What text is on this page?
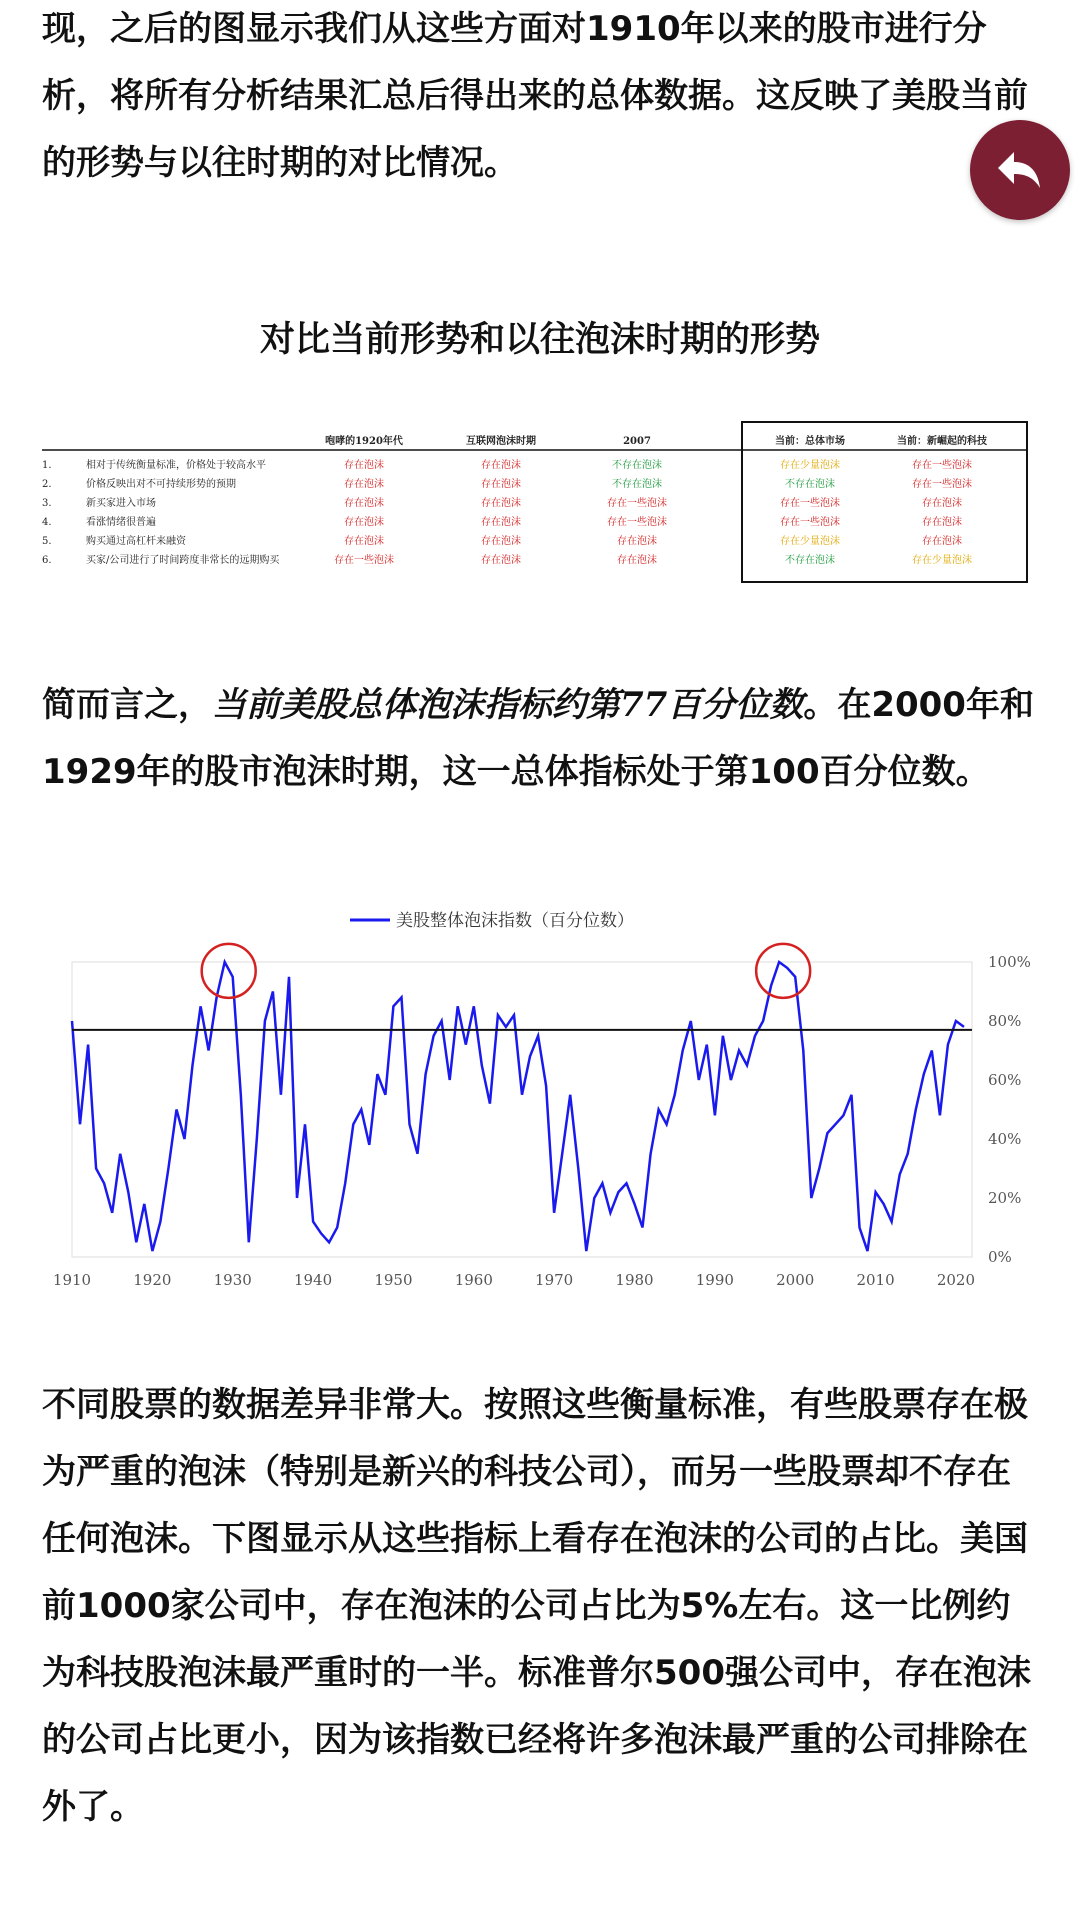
现，之后的图显示我们从这些方面对1910年以来的股市进行分析，将所有分析结果汇总后得出来的总体数据。这反映了美股当前的形势与以往时期的对比情况。

对比当前形势和以往泡沫时期的形势
咆哮的1920年代	互联网泡沫时期	2007	当前：总体市场	当前：新崛起的科技
1.	相对于传统衡量标准，价格处于较高水平	存在泡沫	存在泡沫	不存在泡沫	存在少量泡沫	存在一些泡沫
2.	价格反映出对不可持续形势的预期	存在泡沫	存在泡沫	不存在泡沫	不存在泡沫	存在一些泡沫
3.	新买家进入市场	存在泡沫	存在泡沫	存在一些泡沫	存在一些泡沫	存在泡沫
4.	看涨情绪很普遍	存在泡沫	存在泡沫	存在一些泡沫	存在一些泡沫	存在泡沫
5.	购买通过高杠杆来融资	存在泡沫	存在泡沫	存在泡沫	存在少量泡沫	存在泡沫
6.	买家/公司进行了时间跨度非常长的远期购买	存在一些泡沫	存在泡沫	存在泡沫	不存在泡沫	存在少量泡沫

简而言之，当前美股总体泡沫指标约第77百分位数。在2000年和1929年的股市泡沫时期，这一总体指标处于第100百分位数。

美股整体泡沫指数（百分位数）
0%
20%
40%
60%
80%
100%
1910	1920	1930	1940	1950	1960	1970	1980	1990	2000	2010	2020

不同股票的数据差异非常大。按照这些衡量标准，有些股票存在极为严重的泡沫（特别是新兴的科技公司），而另一些股票却不存在任何泡沫。下图显示从这些指标上看存在泡沫的公司的占比。美国前1000家公司中，存在泡沫的公司占比为5%左右。这一比例约为科技股泡沫最严重时的一半。标准普尔500强公司中，存在泡沫的公司占比更小，因为该指数已经将许多泡沫最严重的公司排除在外了。
